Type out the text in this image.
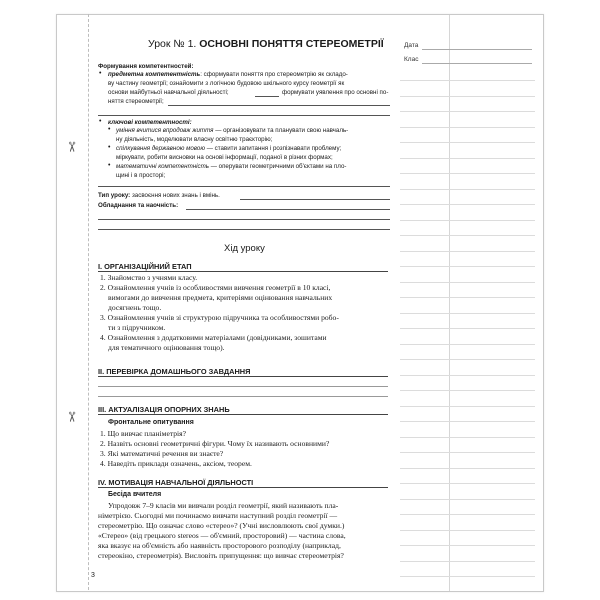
✂
✂
Дата
Клас
Урок № 1. ОСНОВНІ ПОНЯТТЯ СТЕРЕОМЕТРІЇ
Формування компетентностей:
• предметна компетентність: сформувати поняття про стереометрію як складо-
ву частину геометрії; ознайомити з логічною будовою шкільного курсу геометрії як
основи майбутньої навчальної діяльності;	формувати уявлення про основні по-
няття стереометрії;
ключові компетентності:
•
• уміння вчитися впродовж життя — організовувати та планувати свою навчаль-
ну діяльність, моделювати власну освітню траєкторію;
• спілкування державною мовою — ставити запитання і розпізнавати проблему;
міркувати, робити висновки на основі інформації, поданої в різних формах;
• математичні компетентність — оперувати геометричними об'єктами на пло-
щині і в просторі;
Тип уроку: засвоєння нових знань і вмінь.
Обладнання та наочність:
Хід уроку
I. ОРГАНІЗАЦІЙНИЙ ЕТАП
1. Знайомство з учнями класу.
2. Ознайомлення учнів із особливостями вивчення геометрії в 10 класі,
вимогами до вивчення предмета, критеріями оцінювання навчальних
досягнень тощо.
3. Ознайомлення учнів зі структурою підручника та особливостями робо-
ти з підручником.
4. Ознайомлення з додатковими матеріалами (довідниками, зошитами
для тематичного оцінювання тощо).
II. ПЕРЕВІРКА ДОМАШНЬОГО ЗАВДАННЯ
III. АКТУАЛІЗАЦІЯ ОПОРНИХ ЗНАНЬ
Фронтальне опитування
1. Що вивчає планіметрія?
2. Назвіть основні геометричні фігури. Чому їх називають основними?
3. Які математичні речення ви знаєте?
4. Наведіть приклади означень, аксіом, теорем.
IV. МОТИВАЦІЯ НАВЧАЛЬНОЇ ДІЯЛЬНОСТІ
Бесіда вчителя
Упродовж 7–9 класів ми вивчали розділ геометрії, який називають пла-
німетрією. Сьогодні ми починаємо вивчати наступний розділ геометрії —
стереометрію. Що означає слово «стерео»? (Учні висловлюють свої думки.)
«Стерео» (від грецького stereos — об'ємний, просторовий) — частина слова,
яка вказує на об'ємність або наявність просторового розподілу (наприклад,
стереокіно, стереометрія). Висловіть припущення: що вивчає стереометрія?
3
